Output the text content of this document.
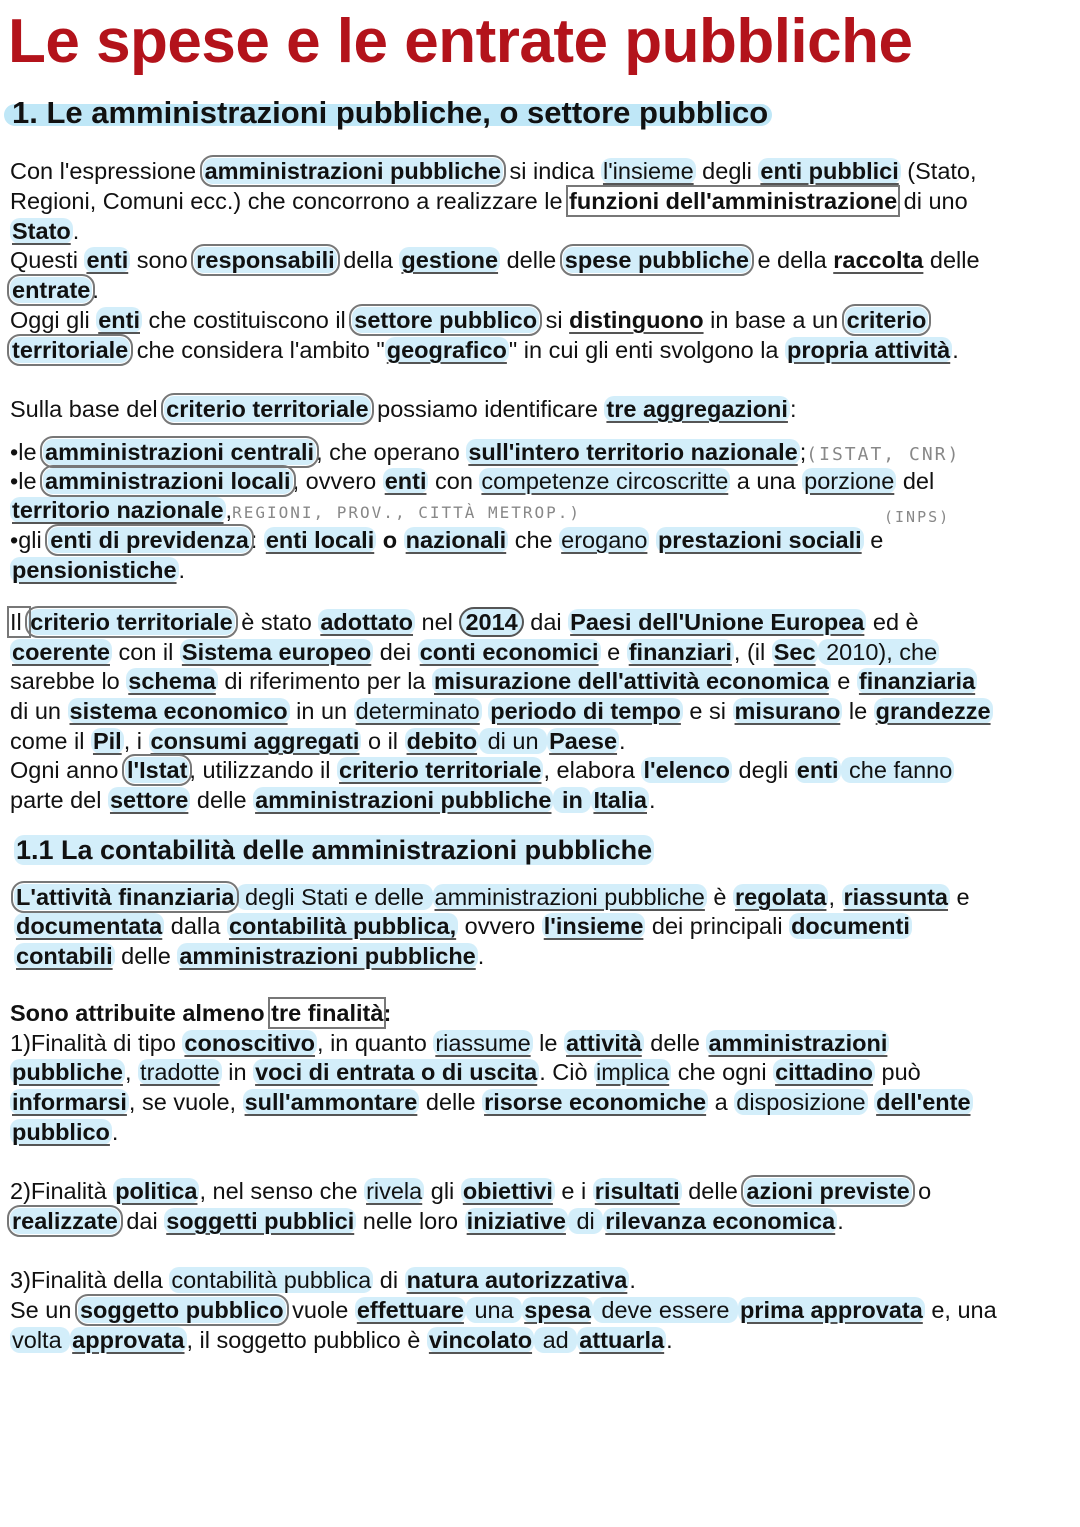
Le spese e le entrate pubbliche
1. Le amministrazioni pubbliche, o settore pubblico

Con l'espressione amministrazioni pubbliche si indica l'insieme degli enti pubblici (Stato,

Regioni, Comuni ecc.) che concorrono a realizzare le funzioni dell'amministrazione di uno

Stato.

Questi enti sono responsabili della gestione delle spese pubbliche e della raccolta delle

entrate.

Oggi gli enti che costituiscono il settore pubblico si distinguono in base a un criterio

territoriale che considera l'ambito "geografico" in cui gli enti svolgono la propria attività.

Sulla base del criterio territoriale possiamo identificare tre aggregazioni:

•le amministrazioni centrali, che operano sull'intero territorio nazionale;(ISTAT, CNR)

•le amministrazioni locali, ovvero enti con competenze circoscritte a una porzione del

territorio nazionale,REGIONI, PROV., CITTÀ METROP.)	(INPS)

•gli enti di previdenza: enti locali o nazionali che erogano prestazioni sociali e

pensionistiche.

Il criterio territoriale è stato adottato nel 2014 dai Paesi dell'Unione Europea ed è

coerente con il Sistema europeo dei conti economici e finanziari, (il Sec 2010), che

sarebbe lo schema di riferimento per la misurazione dell'attività economica e finanziaria

di un sistema economico in un determinato periodo di tempo e si misurano le grandezze

come il Pil, i consumi aggregati o il debito di un Paese.

Ogni anno l'Istat, utilizzando il criterio territoriale, elabora l'elenco degli enti che fanno

parte del settore delle amministrazioni pubbliche in Italia.

1.1 La contabilità delle amministrazioni pubbliche

L'attività finanziaria degli Stati e delle amministrazioni pubbliche è regolata, riassunta e

documentata dalla contabilità pubblica, ovvero l'insieme dei principali documenti

contabili delle amministrazioni pubbliche.

Sono attribuite almeno tre finalità:

1)Finalità di tipo conoscitivo, in quanto riassume le attività delle amministrazioni

pubbliche, tradotte in voci di entrata o di uscita. Ciò implica che ogni cittadino può

informarsi, se vuole, sull'ammontare delle risorse economiche a disposizione dell'ente

pubblico.

2)Finalità politica, nel senso che rivela gli obiettivi e i risultati delle azioni previste o

realizzate dai soggetti pubblici nelle loro iniziative di rilevanza economica.

3)Finalità della contabilità pubblica di natura autorizzativa.

Se un soggetto pubblico vuole effettuare una spesa deve essere prima approvata e, una

volta approvata, il soggetto pubblico è vincolato ad attuarla.
